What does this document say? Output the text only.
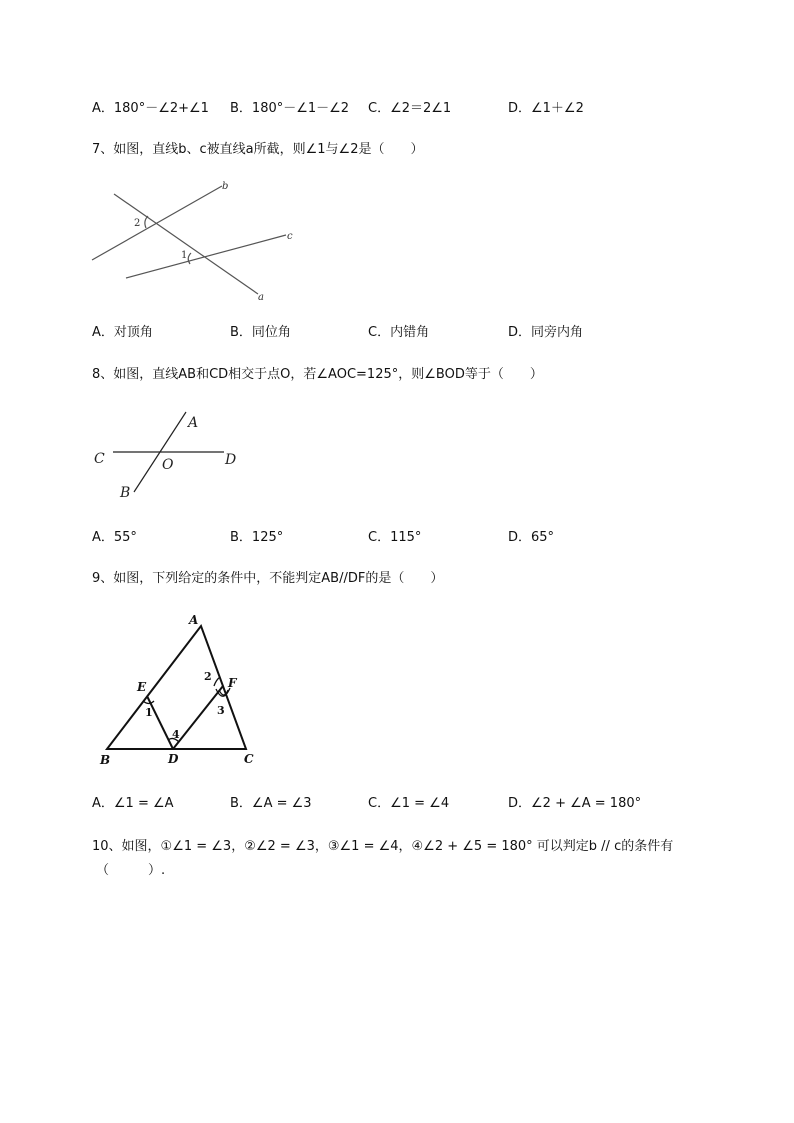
A．180°－∠2+∠1 B．180°－∠1－∠2 C．∠2＝2∠1	D．∠1＋∠2
7、如图，直线b、c被直线a所截，则∠1与∠2是（　　）
b
c
a
1
2
A．对顶角	B．同位角	C．内错角	D．同旁内角
8、如图，直线AB和CD相交于点O，若∠AOC=125°，则∠BOD等于（　　）
A
C	O	D
B
A．55°	B．125°	C．115°	D．65°
9、如图，下列给定的条件中，不能判定AB//DF的是（　　）
A
E	F
B	D	C
1
2
3
4
A．∠1 = ∠A	B．∠A = ∠3	C．∠1 = ∠4	D．∠2 + ∠A = 180°
10、如图，①∠1 = ∠3，②∠2 = ∠3，③∠1 = ∠4，④∠2 + ∠5 = 180° 可以判定b // c的条件有
（　　　）.
